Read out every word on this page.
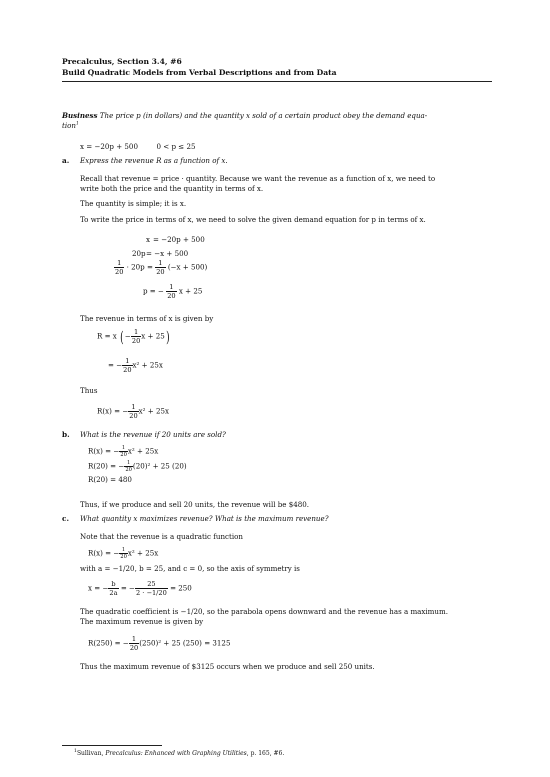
Precalculus, Section 3.4, #6
Build Quadratic Models from Verbal Descriptions and from Data
Business The price p (in dollars) and the quantity x sold of a certain product obey the demand equa-
tion$^1$
x = −20p + 500	0 < p ≤ 25
a. Express the revenue R as a function of x.
Recall that revenue = price · quantity. Because we want the revenue as a function of x, we need to
write both the price and the quantity in terms of x.
The quantity is simple; it is x.
To write the price in terms of x, we need to solve the given demand equation for p in terms of x.
x = −20p + 500
20p = −x + 500
$\frac{1}{20} \cdot 20p = \frac{1}{20} (-x + 500)$
p = − $\frac{1}{20}$ x + 25
The revenue in terms of x is given by
R = x (− $\frac{1}{20}$ x + 25)
= − $\frac{1}{20} x^2 + 25x$
Thus
R(x) = − $\frac{1}{20} x^2 + 25x$
b. What is the revenue if 20 units are sold?
R(x) = − $\frac{1}{20} x^2 + 25x$
R(20) = − $\frac{1}{20} (20)^2 + 25$ (20)
R(20) = 480
Thus, if we produce and sell 20 units, the revenue will be $480.
c. What quantity x maximizes revenue? What is the maximum revenue?
Note that the revenue is a quadratic function
R(x) = − $\frac{1}{20} x^2 + 25x$
with a = −1/20, b = 25, and c = 0, so the axis of symmetry is
x = − $\frac{b}{2a}$ = − $\frac{25}{2 \cdot -1/20} = 250$
The quadratic coefficient is −1/20, so the parabola opens downward and the revenue has a maximum.
The maximum revenue is given by
R(250) = − $\frac{1}{20} (250)^2 + 25$ (250) = 3125
Thus the maximum revenue of $3125 occurs when we produce and sell 250 units.
$^1$Sullivan, Precalculus: Enhanced with Graphing Utilities, p. 165, #6.
